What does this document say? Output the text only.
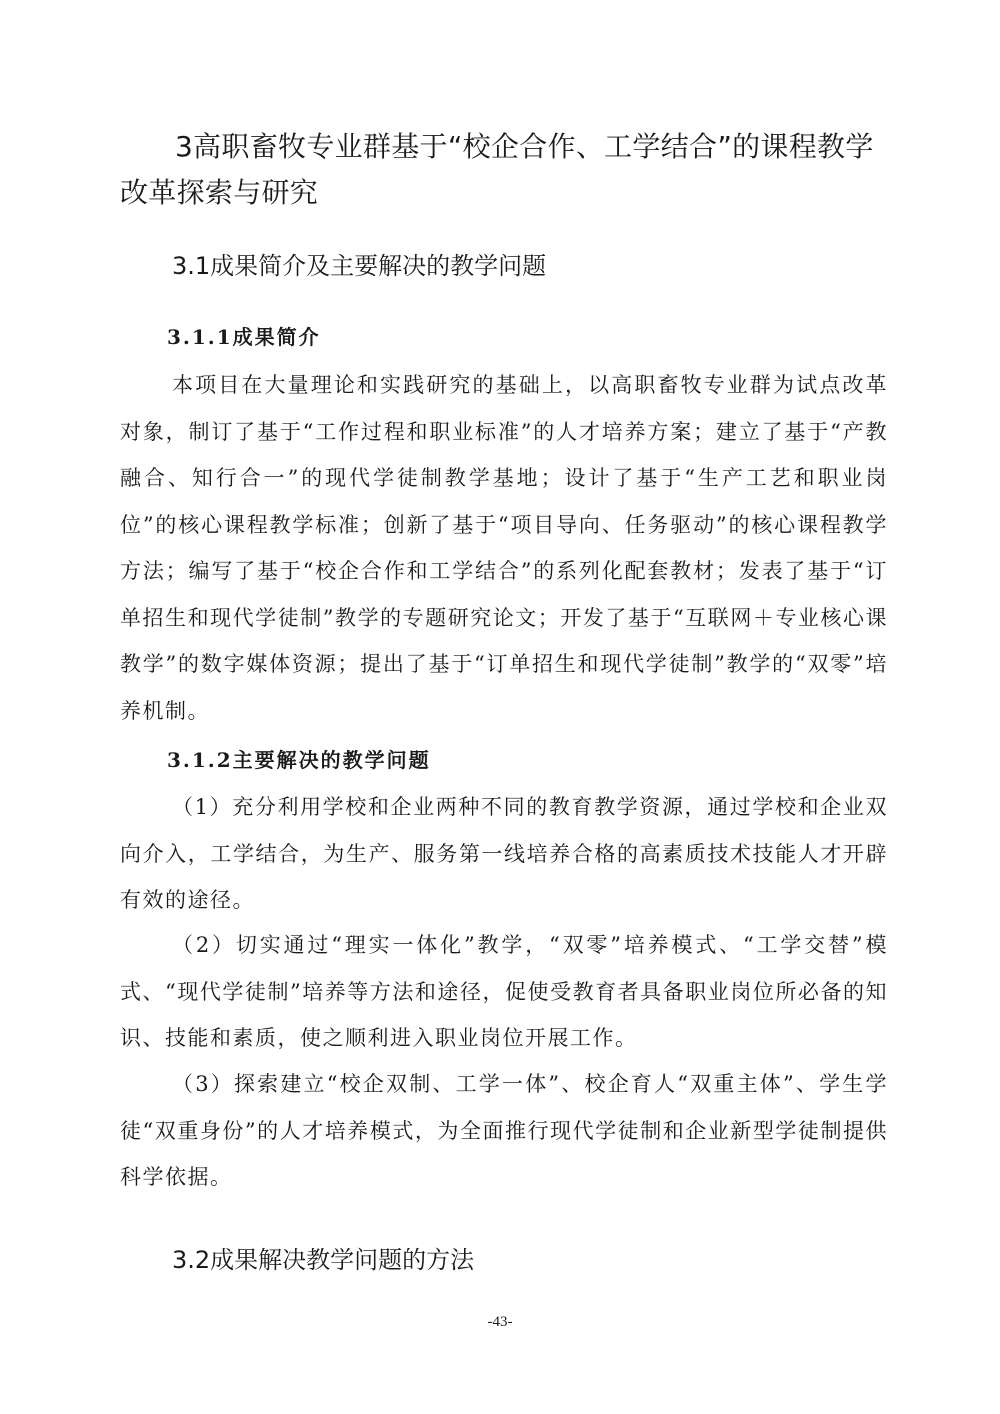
3高职畜牧专业群基于“校企合作、工学结合”的课程教学改革探索与研究
3.1成果简介及主要解决的教学问题
3.1.1成果简介

本项目在大量理论和实践研究的基础上，以高职畜牧专业群为试点改革对象，制订了基于“工作过程和职业标准”的人才培养方案；建立了基于“产教融合、知行合一”的现代学徒制教学基地；设计了基于“生产工艺和职业岗位”的核心课程教学标准；创新了基于“项目导向、任务驱动”的核心课程教学方法；编写了基于“校企合作和工学结合”的系列化配套教材；发表了基于“订单招生和现代学徒制”教学的专题研究论文；开发了基于“互联网＋专业核心课教学”的数字媒体资源；提出了基于“订单招生和现代学徒制”教学的“双零”培养机制。

3.1.2主要解决的教学问题

（1）充分利用学校和企业两种不同的教育教学资源，通过学校和企业双向介入，工学结合，为生产、服务第一线培养合格的高素质技术技能人才开辟有效的途径。

（2）切实通过“理实一体化”教学，“双零”培养模式、“工学交替”模式、“现代学徒制”培养等方法和途径，促使受教育者具备职业岗位所必备的知识、技能和素质，使之顺利进入职业岗位开展工作。

（3）探索建立“校企双制、工学一体”、校企育人“双重主体”、学生学徒“双重身份”的人才培养模式，为全面推行现代学徒制和企业新型学徒制提供科学依据。

3.2成果解决教学问题的方法

-43-
